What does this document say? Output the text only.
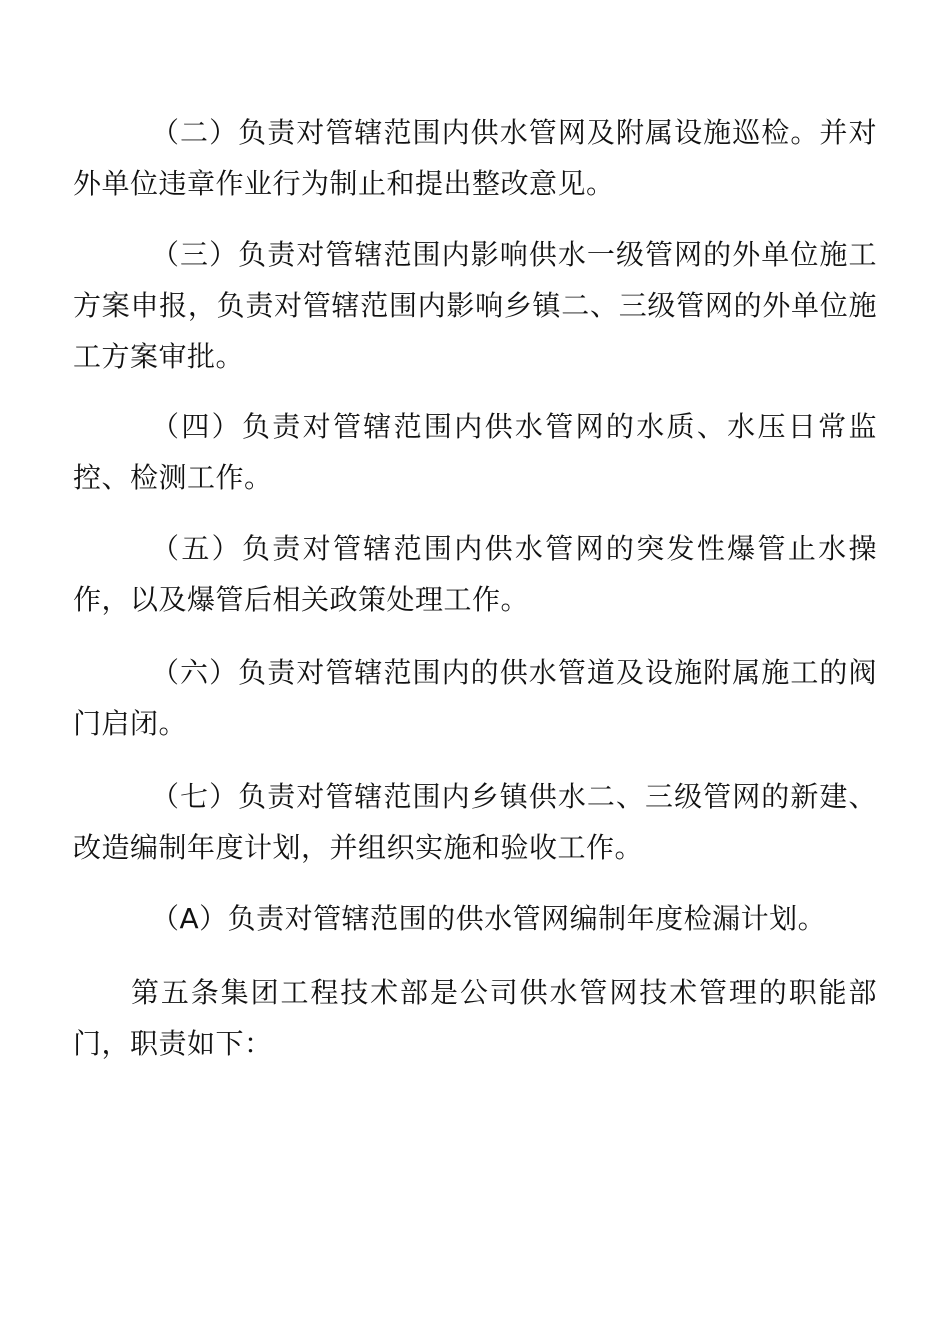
（二）负责对管辖范围内供水管网及附属设施巡检。并对外单位违章作业行为制止和提出整改意见。

（三）负责对管辖范围内影响供水一级管网的外单位施工方案申报，负责对管辖范围内影响乡镇二、三级管网的外单位施工方案审批。

（四）负责对管辖范围内供水管网的水质、水压日常监控、检测工作。

（五）负责对管辖范围内供水管网的突发性爆管止水操作，以及爆管后相关政策处理工作。

（六）负责对管辖范围内的供水管道及设施附属施工的阀门启闭。

（七）负责对管辖范围内乡镇供水二、三级管网的新建、改造编制年度计划，并组织实施和验收工作。

（A）负责对管辖范围的供水管网编制年度检漏计划。

第五条集团工程技术部是公司供水管网技术管理的职能部门，职责如下：
